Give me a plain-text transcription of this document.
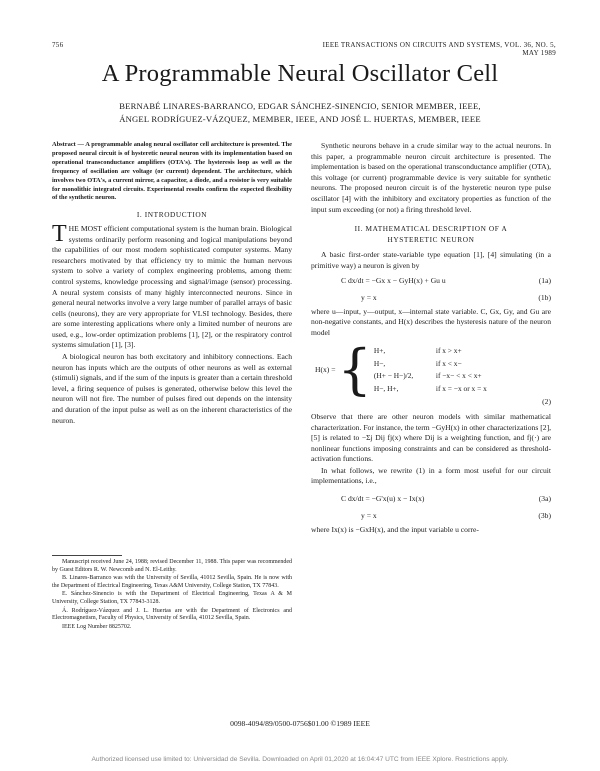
756	IEEE TRANSACTIONS ON CIRCUITS AND SYSTEMS, VOL. 36, NO. 5, MAY 1989
A Programmable Neural Oscillator Cell
BERNABÉ LINARES-BARRANCO, EDGAR SÁNCHEZ-SINENCIO, SENIOR MEMBER, IEEE,
ÁNGEL RODRÍGUEZ-VÁZQUEZ, MEMBER, IEEE, AND JOSÉ L. HUERTAS, MEMBER, IEEE
Abstract — A programmable analog neural oscillator cell architecture is presented. The proposed neural circuit is of hysteretic neural neuron with its implementation based on operational transconductance amplifiers (OTA's). The hysteresis loop as well as the frequency of oscillation are voltage (or current) dependent. The architecture, which involves two OTA's, a current mirror, a capacitor, a diode, and a resistor is very suitable for monolithic integrated circuits. Experimental results confirm the expected flexibility of the synthetic neuron.
I. INTRODUCTION
THE MOST efficient computational system is the human brain. Biological systems ordinarily perform reasoning and logical manipulations beyond the capabilities of our most modern sophisticated computer systems. Many researchers motivated by that efficiency try to mimic the human nervous system to solve a variety of complex engineering problems, among them: control systems, knowledge processing and signal/image (sensor) processing. A neural system consists of many highly interconnected neurons. Since in general neural networks involve a very large number of parallel arrays of basic cells (neurons), they are very appropriate for VLSI technology. Besides, there are some interesting applications where only a limited number of neurons are used, e.g., low-order optimization problems [1], [2], or the respiratory control systems simulation [1], [3].
A biological neuron has both excitatory and inhibitory connections. Each neuron has inputs which are the outputs of other neurons as well as external (stimuli) signals, and if the sum of the inputs is greater than a certain threshold level, a firing sequence of pulses is generated, otherwise below this level the neuron will not fire. The number of pulses fired out depends on the intensity and duration of the input pulse as well as on the inherent characteristics of the neuron.
Manuscript received June 24, 1988; revised December 11, 1988. This paper was recommended by Guest Editors R. W. Newcomb and N. El-Leithy.
B. Linares-Barranco was with the University of Sevilla, 41012 Sevilla, Spain. He is now with the Department of Electrical Engineering, Texas A&M University, College Station, TX 77843.
E. Sánchez-Sinencio is with the Department of Electrical Engineering, Texas A & M University, College Station, TX 77843-3128.
Á. Rodríguez-Vázquez and J. L. Huertas are with the Department of Electronics and Electromagnetism, Faculty of Physics, University of Sevilla, 41012 Sevilla, Spain.
IEEE Log Number 8825702.
Synthetic neurons behave in a crude similar way to the actual neurons. In this paper, a programmable neuron circuit architecture is presented. The implementation is based on the operational transconductance amplifier (OTA), this voltage (or current) programmable device is very suitable for synthetic neurons. The proposed neuron circuit is of the hysteretic neuron type pulse oscillator [4] with the inhibitory and excitatory properties as function of the input sum exceeding (or not) a firing threshold level.
II. MATHEMATICAL DESCRIPTION OF A
HYSTERETIC NEURON
A basic first-order state-variable type equation [1], [4] simulating (in a primitive way) a neuron is given by
C dx/dt = −Gx x − GyH(x) + Gu u	(1a)
y = x	(1b)
where u—input, y—output, x—internal state variable. C, Gx, Gy, and Gu are non-negative constants, and H(x) describes the hysteresis nature of the neuron model
H(x) = { H+,	if x > x+
H−,	if x < x−
(H+ − H−)/2,	if −x− < x < x+
H−, H+,	if x = −x or x = x
(2)
Observe that there are other neuron models with similar mathematical characterization. For instance, the term −GyH(x) in other characterizations [2], [5] is related to −Σj Dij fj(x) where Dij is a weighting function, and fj(·) are nonlinear functions imposing constraints and can be considered as threshold-activation functions.
In what follows, we rewrite (1) in a form most useful for our circuit implementations, i.e.,
C dx/dt = −G'x(u) x − Ix(x)	(3a)
y = x	(3b)
where Ix(x) is −GxH(x), and the input variable u corre-
0098-4094/89/0500-0756$01.00 ©1989 IEEE
Authorized licensed use limited to: Universidad de Sevilla. Downloaded on April 01,2020 at 16:04:47 UTC from IEEE Xplore. Restrictions apply.
